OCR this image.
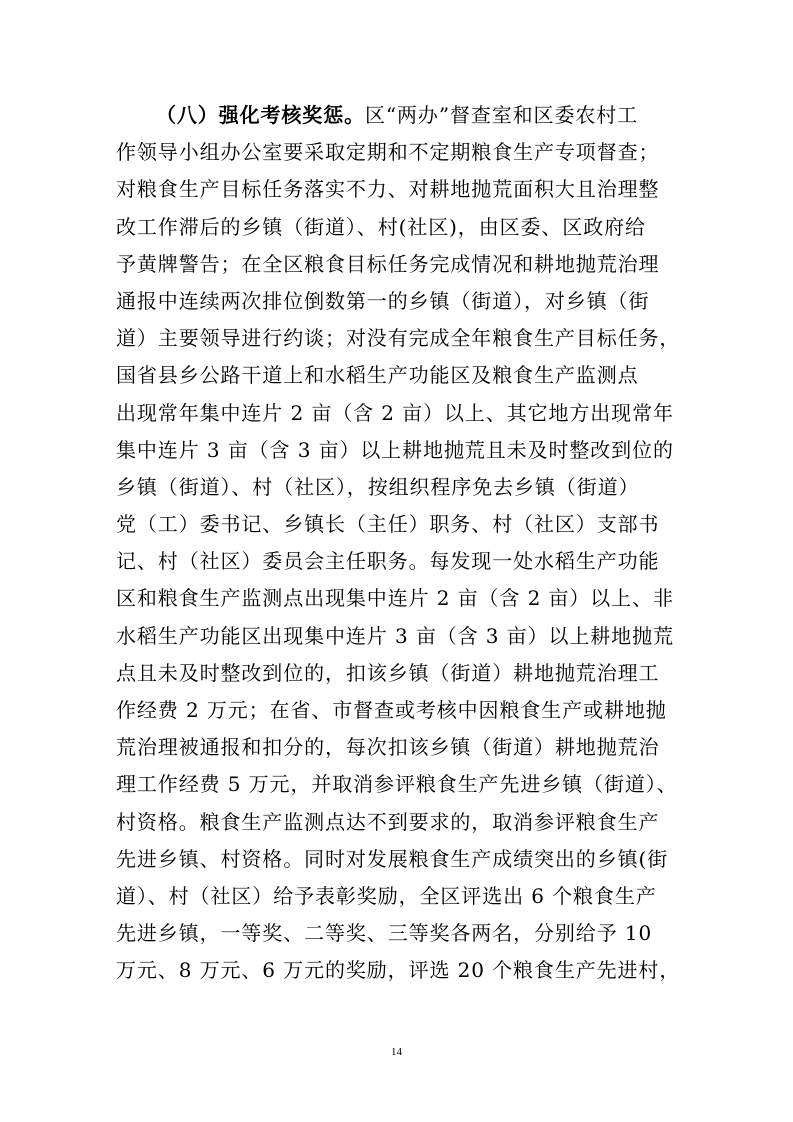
（八）强化考核奖惩。区“两办”督查室和区委农村工
作领导小组办公室要采取定期和不定期粮食生产专项督查；
对粮食生产目标任务落实不力、对耕地抛荒面积大且治理整
改工作滞后的乡镇（街道）、村(社区)，由区委、区政府给
予黄牌警告；在全区粮食目标任务完成情况和耕地抛荒治理
通报中连续两次排位倒数第一的乡镇（街道），对乡镇（街
道）主要领导进行约谈；对没有完成全年粮食生产目标任务，
国省县乡公路干道上和水稻生产功能区及粮食生产监测点
出现常年集中连片 2 亩（含 2 亩）以上、其它地方出现常年
集中连片 3 亩（含 3 亩）以上耕地抛荒且未及时整改到位的
乡镇（街道）、村（社区），按组织程序免去乡镇（街道）
党（工）委书记、乡镇长（主任）职务、村（社区）支部书
记、村（社区）委员会主任职务。每发现一处水稻生产功能
区和粮食生产监测点出现集中连片 2 亩（含 2 亩）以上、非
水稻生产功能区出现集中连片 3 亩（含 3 亩）以上耕地抛荒
点且未及时整改到位的，扣该乡镇（街道）耕地抛荒治理工
作经费 2 万元；在省、市督查或考核中因粮食生产或耕地抛
荒治理被通报和扣分的，每次扣该乡镇（街道）耕地抛荒治
理工作经费 5 万元，并取消参评粮食生产先进乡镇（街道）、
村资格。粮食生产监测点达不到要求的，取消参评粮食生产
先进乡镇、村资格。同时对发展粮食生产成绩突出的乡镇(街
道）、村（社区）给予表彰奖励，全区评选出 6 个粮食生产
先进乡镇，一等奖、二等奖、三等奖各两名，分别给予 10
万元、8 万元、6 万元的奖励，评选 20 个粮食生产先进村，
14
